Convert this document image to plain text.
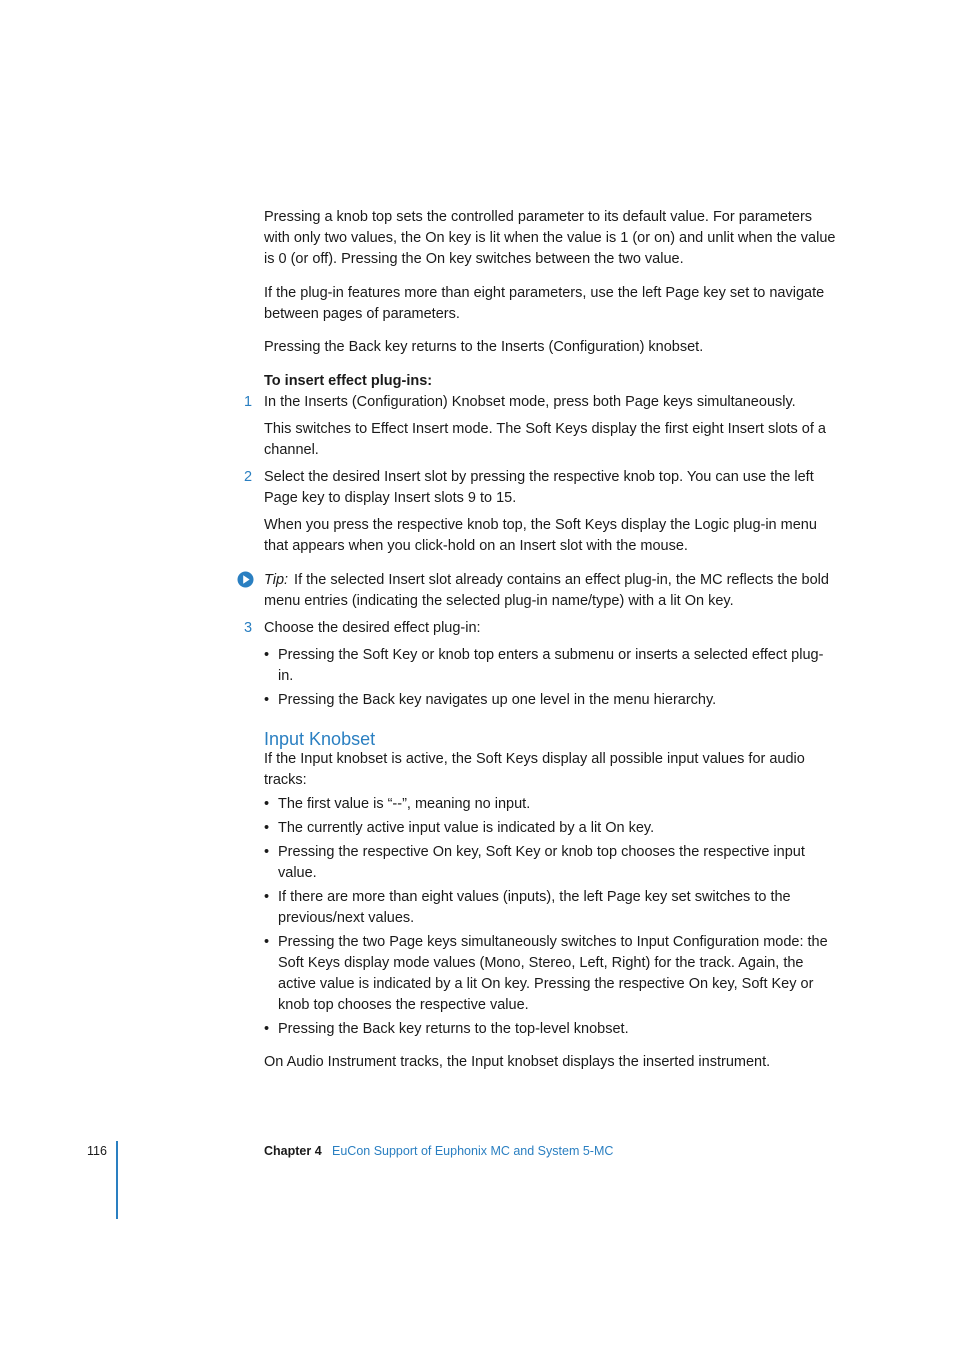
Pressing a knob top sets the controlled parameter to its default value. For parameters with only two values, the On key is lit when the value is 1 (or on) and unlit when the value is 0 (or off). Pressing the On key switches between the two value.

If the plug-in features more than eight parameters, use the left Page key set to navigate between pages of parameters.

Pressing the Back key returns to the Inserts (Configuration) knobset.

To insert effect plug-ins:
1 In the Inserts (Configuration) Knobset mode, press both Page keys simultaneously.

This switches to Effect Insert mode. The Soft Keys display the first eight Insert slots of a channel.

2 Select the desired Insert slot by pressing the respective knob top. You can use the left Page key to display Insert slots 9 to 15.

When you press the respective knob top, the Soft Keys display the Logic plug-in menu that appears when you click-hold on an Insert slot with the mouse.

Tip: If the selected Insert slot already contains an effect plug-in, the MC reflects the bold menu entries (indicating the selected plug-in name/type) with a lit On key.

3 Choose the desired effect plug-in:

• Pressing the Soft Key or knob top enters a submenu or inserts a selected effect plug-in.

• Pressing the Back key navigates up one level in the menu hierarchy.

Input Knobset

If the Input knobset is active, the Soft Keys display all possible input values for audio tracks:

• The first value is “--”, meaning no input.

• The currently active input value is indicated by a lit On key.

• Pressing the respective On key, Soft Key or knob top chooses the respective input value.

• If there are more than eight values (inputs), the left Page key set switches to the previous/next values.

• Pressing the two Page keys simultaneously switches to Input Configuration mode: the Soft Keys display mode values (Mono, Stereo, Left, Right) for the track. Again, the active value is indicated by a lit On key. Pressing the respective On key, Soft Key or knob top chooses the respective value.

• Pressing the Back key returns to the top-level knobset.

On Audio Instrument tracks, the Input knobset displays the inserted instrument.

116	Chapter 4 EuCon Support of Euphonix MC and System 5-MC
